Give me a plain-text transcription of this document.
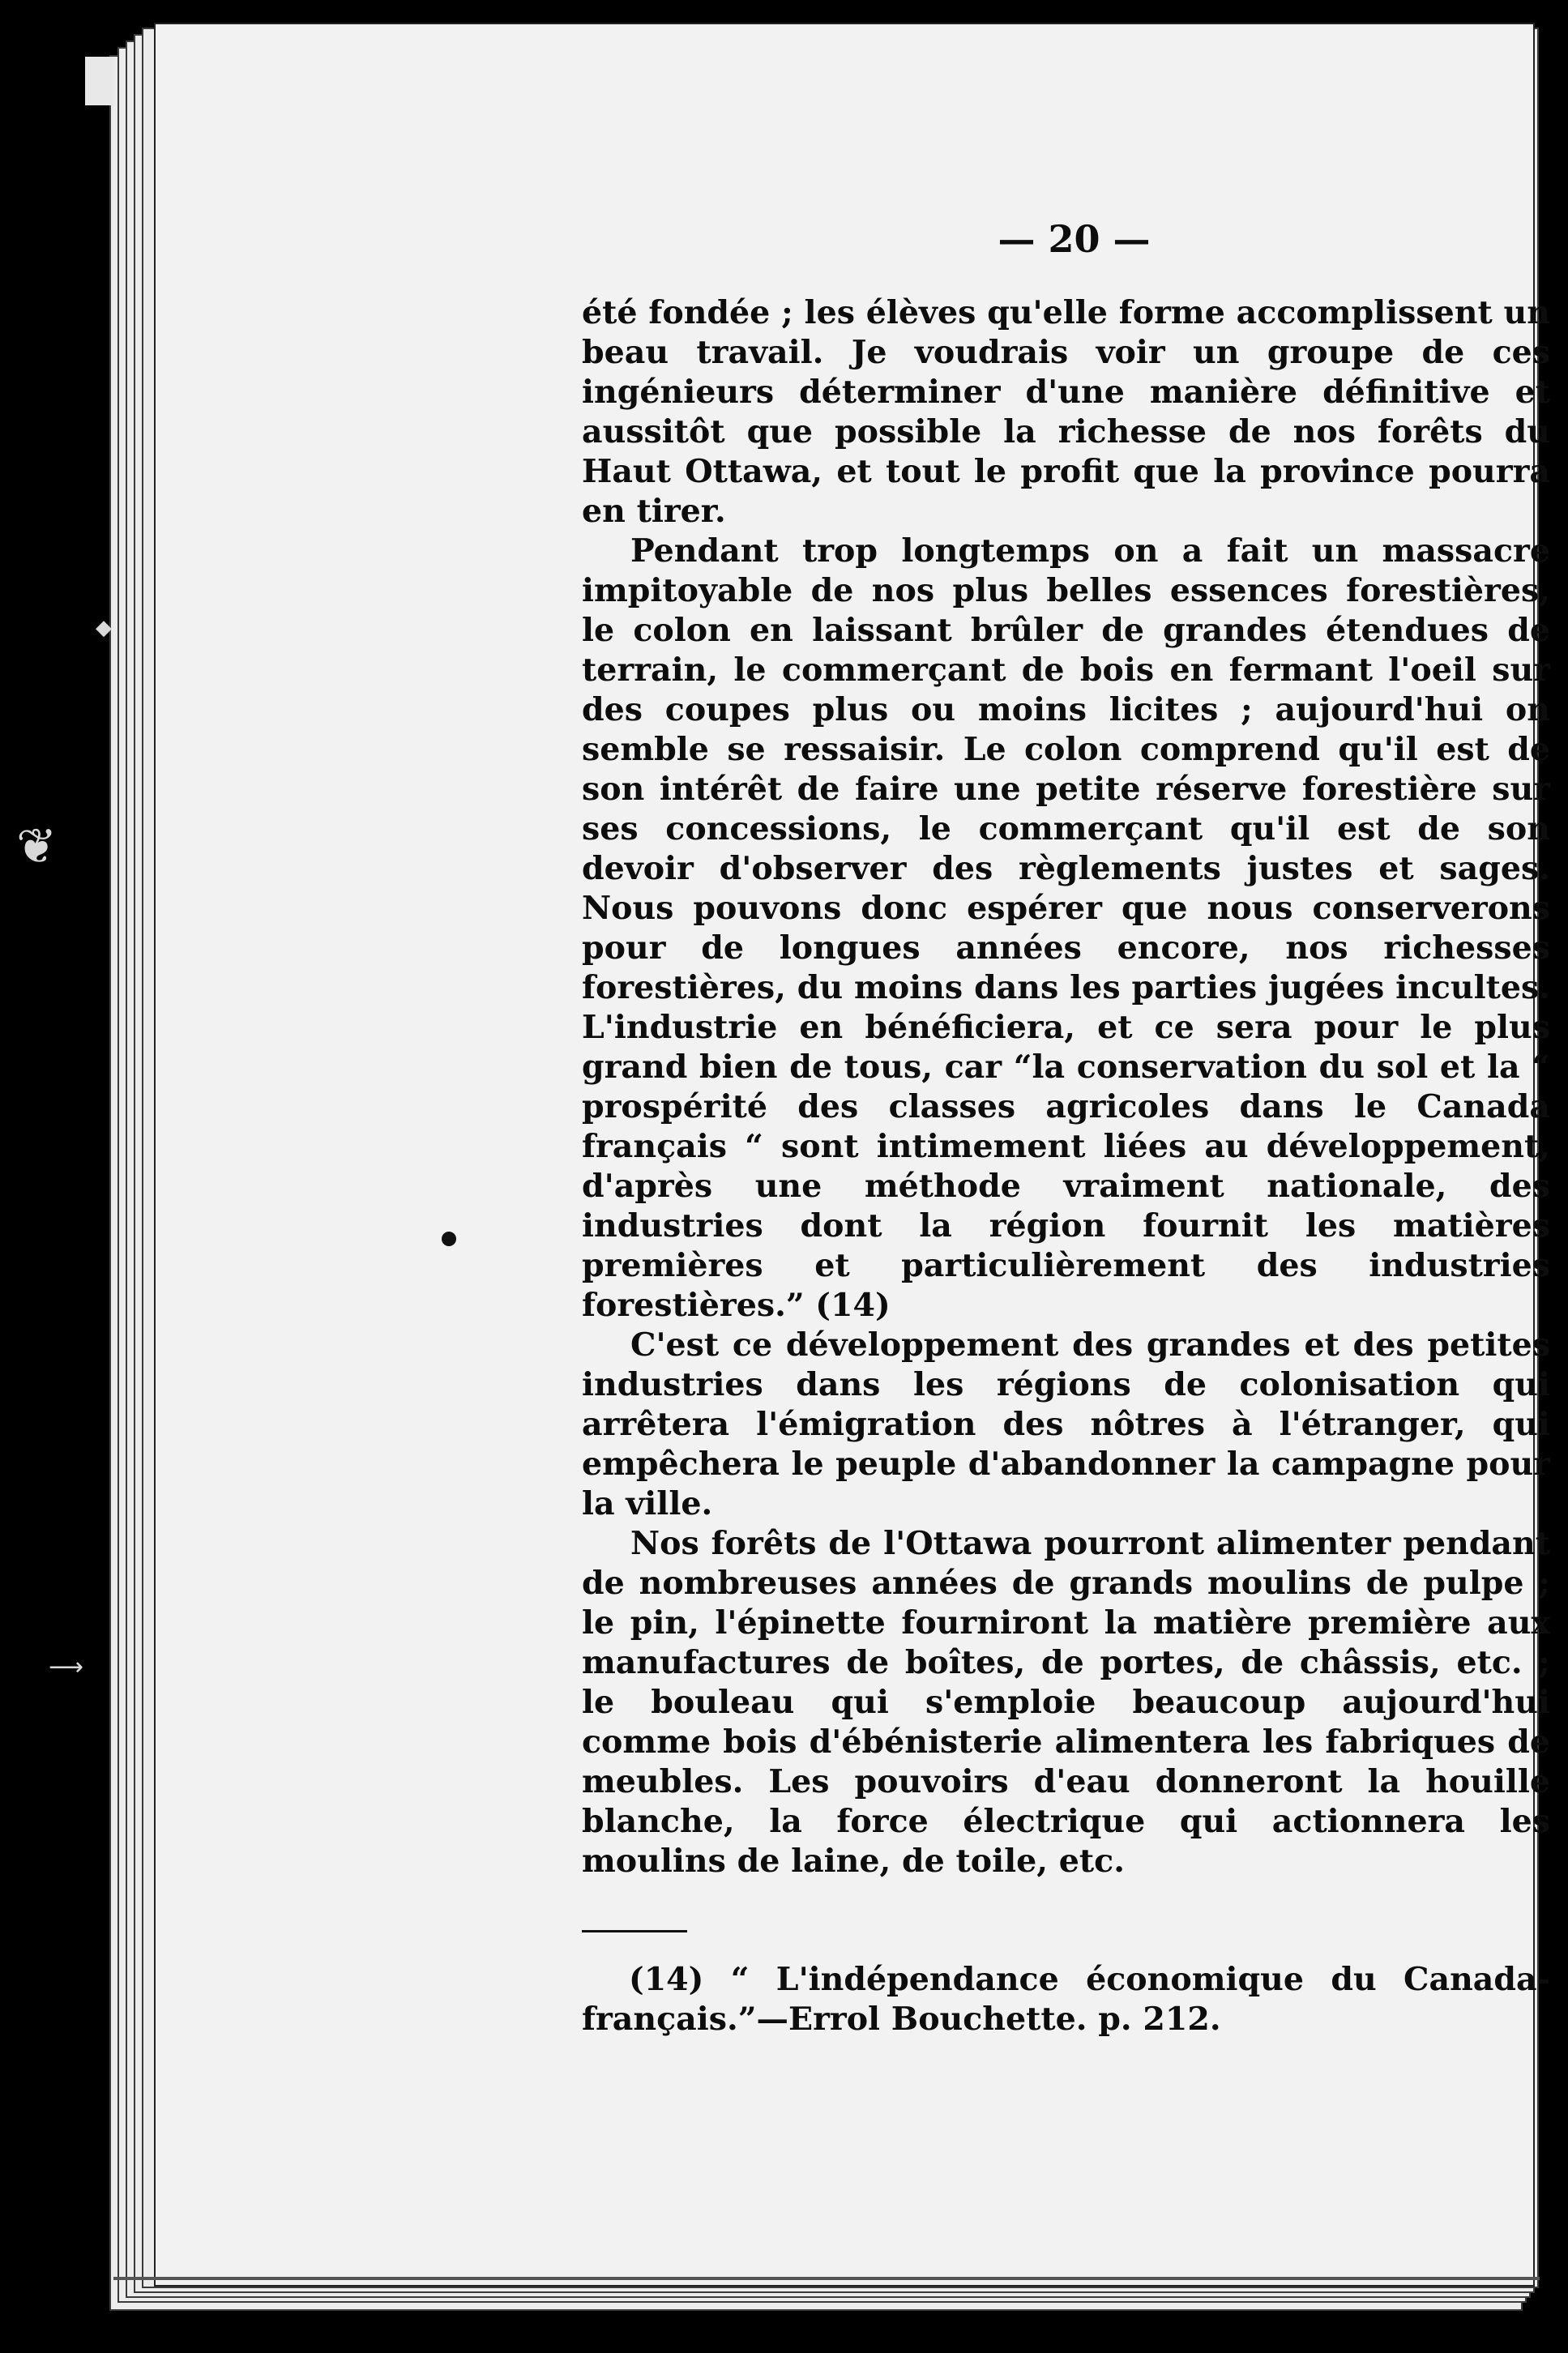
◆
❦
⟶
— 20 —

été fondée ; les élèves qu'elle forme accomplissent un beau travail. Je voudrais voir un groupe de ces ingénieurs déterminer d'une manière définitive et aussitôt que possible la richesse de nos forêts du Haut Ottawa, et tout le profit que la province pourra en tirer.

Pendant trop longtemps on a fait un massacre impitoyable de nos plus belles essences forestières, le colon en laissant brûler de grandes étendues de terrain, le commerçant de bois en fermant l'oeil sur des coupes plus ou moins licites ; aujourd'hui on semble se ressaisir. Le colon comprend qu'il est de son intérêt de faire une petite réserve forestière sur ses concessions, le commerçant qu'il est de son devoir d'observer des règlements justes et sages. Nous pouvons donc espérer que nous conserverons pour de longues années encore, nos richesses forestières, du moins dans les parties jugées incultes. L'industrie en bénéficiera, et ce sera pour le plus grand bien de tous, car “la conservation du sol et la “ prospérité des classes agricoles dans le Canada français “ sont intimement liées au développement, d'après une méthode vraiment nationale, des industries dont la région fournit les matières premières et particulièrement des industries forestières.” (14)

C'est ce développement des grandes et des petites industries dans les régions de colonisation qui arrêtera l'émigration des nôtres à l'étranger, qui empêchera le peuple d'abandonner la campagne pour la ville.

Nos forêts de l'Ottawa pourront alimenter pendant de nombreuses années de grands moulins de pulpe ; le pin, l'épinette fourniront la matière première aux manufactures de boîtes, de portes, de châssis, etc. ; le bouleau qui s'emploie beaucoup aujourd'hui comme bois d'ébénisterie alimentera les fabriques de meubles. Les pouvoirs d'eau donneront la houille blanche, la force électrique qui actionnera les moulins de laine, de toile, etc.

(14) “ L'indépendance économique du Canada-français.”—Errol Bouchette. p. 212.
